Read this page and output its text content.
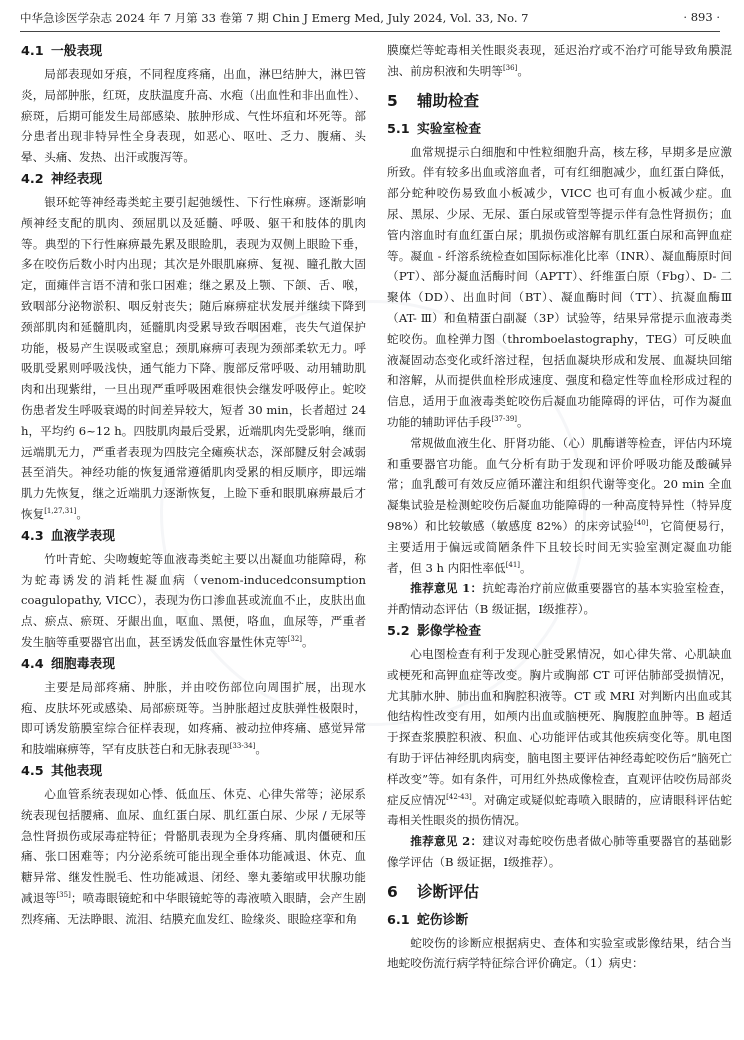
中华急诊医学杂志 2024 年 7 月第 33 卷第 7 期 Chin J Emerg Med, July 2024, Vol. 33, No. 7	· 893 ·
4.1 一般表现

局部表现如牙痕，不同程度疼痛，出血，淋巴结肿大，淋巴管炎，局部肿胀，红斑，皮肤温度升高、水疱（出血性和非出血性）、瘀斑，后期可能发生局部感染、脓肿形成、气性坏疽和坏死等。部分患者出现非特异性全身表现，如恶心、呕吐、乏力、腹痛、头晕、头痛、发热、出汗或腹泻等。

4.2 神经表现

银环蛇等神经毒类蛇主要引起弛缓性、下行性麻痹。逐渐影响颅神经支配的肌肉、颈屈肌以及延髓、呼吸、躯干和肢体的肌肉等。典型的下行性麻痹最先累及眼睑肌，表现为双侧上眼睑下垂，多在咬伤后数小时内出现；其次是外眼肌麻痹、复视、瞳孔散大固定，面瘫伴言语不清和张口困难；继之累及上颚、下颌、舌、喉，致咽部分泌物淤积、咽反射丧失；随后麻痹症状发展并继续下降到颈部肌肉和延髓肌肉，延髓肌肉受累导致吞咽困难，丧失气道保护功能，极易产生误吸或窒息；颈肌麻痹可表现为颈部柔软无力。呼吸肌受累则呼吸浅快，通气能力下降、腹部反常呼吸、动用辅助肌肉和出现紫绀，一旦出现严重呼吸困难很快会继发呼吸停止。蛇咬伤患者发生呼吸衰竭的时间差异较大，短者 30 min，长者超过 24 h，平均约 6~12 h。四肢肌肉最后受累，近端肌肉先受影响，继而远端肌无力，严重者表现为四肢完全瘫痪状态，深部腱反射会减弱甚至消失。神经功能的恢复通常遵循肌肉受累的相反顺序，即远端肌力先恢复，继之近端肌力逐渐恢复，上睑下垂和眼肌麻痹最后才恢复[1,27,31]。

4.3 血液学表现

竹叶青蛇、尖吻蝮蛇等血液毒类蛇主要以出凝血功能障碍，称为蛇毒诱发的消耗性凝血病（venom-inducedconsumption coagulopathy, VICC），表现为伤口渗血甚或流血不止，皮肤出血点、瘀点、瘀斑、牙龈出血，呕血、黑便，咯血，血尿等，严重者发生脑等重要器官出血，甚至诱发低血容量性休克等[32]。

4.4 细胞毒表现

主要是局部疼痛、肿胀，并由咬伤部位向周围扩展，出现水疱、皮肤坏死或感染、局部瘀斑等。当肿胀超过皮肤弹性极限时，即可诱发筋膜室综合征样表现，如疼痛、被动拉伸疼痛、感觉异常和肢端麻痹等，罕有皮肤苍白和无脉表现[33-34]。

4.5 其他表现

心血管系统表现如心悸、低血压、休克、心律失常等；泌尿系统表现包括腰痛、血尿、血红蛋白尿、肌红蛋白尿、少尿 / 无尿等急性肾损伤或尿毒症特征；骨骼肌表现为全身疼痛、肌肉僵硬和压痛、张口困难等；内分泌系统可能出现全垂体功能减退、休克、血糖异常、继发性脱毛、性功能减退、闭经、睾丸萎缩或甲状腺功能减退等[35]；喷毒眼镜蛇和中华眼镜蛇等的毒液喷入眼睛，会产生剧烈疼痛、无法睁眼、流泪、结膜充血发红、睑缘炎、眼睑痉挛和角

膜糜烂等蛇毒相关性眼炎表现，延迟治疗或不治疗可能导致角膜混浊、前房积液和失明等[36]。

5 辅助检查
5.1 实验室检查

血常规提示白细胞和中性粒细胞升高，核左移，早期多是应激所致。伴有较多出血或溶血者，可有红细胞减少，血红蛋白降低，部分蛇种咬伤易致血小板减少，VICC 也可有血小板减少症。血尿、黑尿、少尿、无尿、蛋白尿或管型等提示伴有急性肾损伤；血管内溶血时有血红蛋白尿；肌损伤或溶解有肌红蛋白尿和高钾血症等。凝血 - 纤溶系统检查如国际标准化比率（INR）、凝血酶原时间（PT）、部分凝血活酶时间（APTT）、纤维蛋白原（Fbg）、D- 二聚体（DD）、出血时间（BT）、凝血酶时间（TT）、抗凝血酶Ⅲ（AT- Ⅲ）和鱼精蛋白副凝（3P）试验等，结果异常提示血液毒类蛇咬伤。血栓弹力图（thromboelastography，TEG）可反映血液凝固动态变化或纤溶过程，包括血凝块形成和发展、血凝块回缩和溶解，从而提供血栓形成速度、强度和稳定性等血栓形成过程的信息，适用于血液毒类蛇咬伤后凝血功能障碍的评估，可作为凝血功能的辅助评估手段[37-39]。

常规做血液生化、肝肾功能、（心）肌酶谱等检查，评估内环境和重要器官功能。血气分析有助于发现和评价呼吸功能及酸碱异常；血乳酸可有效反应循环灌注和组织代谢等变化。20 min 全血凝集试验是检测蛇咬伤后凝血功能障碍的一种高度特异性（特异度 98%）和比较敏感（敏感度 82%）的床旁试验[40]，它简便易行，主要适用于偏远或简陋条件下且较长时间无实验室测定凝血功能者，但 3 h 内阳性率低[41]。

推荐意见 1：抗蛇毒治疗前应做重要器官的基本实验室检查，并酌情动态评估（B 级证据，Ⅰ级推荐）。

5.2 影像学检查

心电图检查有利于发现心脏受累情况，如心律失常、心肌缺血或梗死和高钾血症等改变。胸片或胸部 CT 可评估肺部受损情况，尤其肺水肿、肺出血和胸腔积液等。CT 或 MRI 对判断内出血或其他结构性改变有用，如颅内出血或脑梗死、胸腹腔血肿等。B 超适于探查浆膜腔积液、积血、心功能评估或其他疾病变化等。肌电图有助于评估神经肌肉病变，脑电图主要评估神经毒蛇咬伤后“脑死亡样改变”等。如有条件，可用红外热成像检查，直观评估咬伤局部炎症反应情况[42-43]。对确定或疑似蛇毒喷入眼睛的，应请眼科评估蛇毒相关性眼炎的损伤情况。

推荐意见 2：建议对毒蛇咬伤患者做心肺等重要器官的基础影像学评估（B 级证据，Ⅰ级推荐）。

6 诊断评估
6.1 蛇伤诊断

蛇咬伤的诊断应根据病史、查体和实验室或影像结果，结合当地蛇咬伤流行病学特征综合评价确定。（1）病史：
